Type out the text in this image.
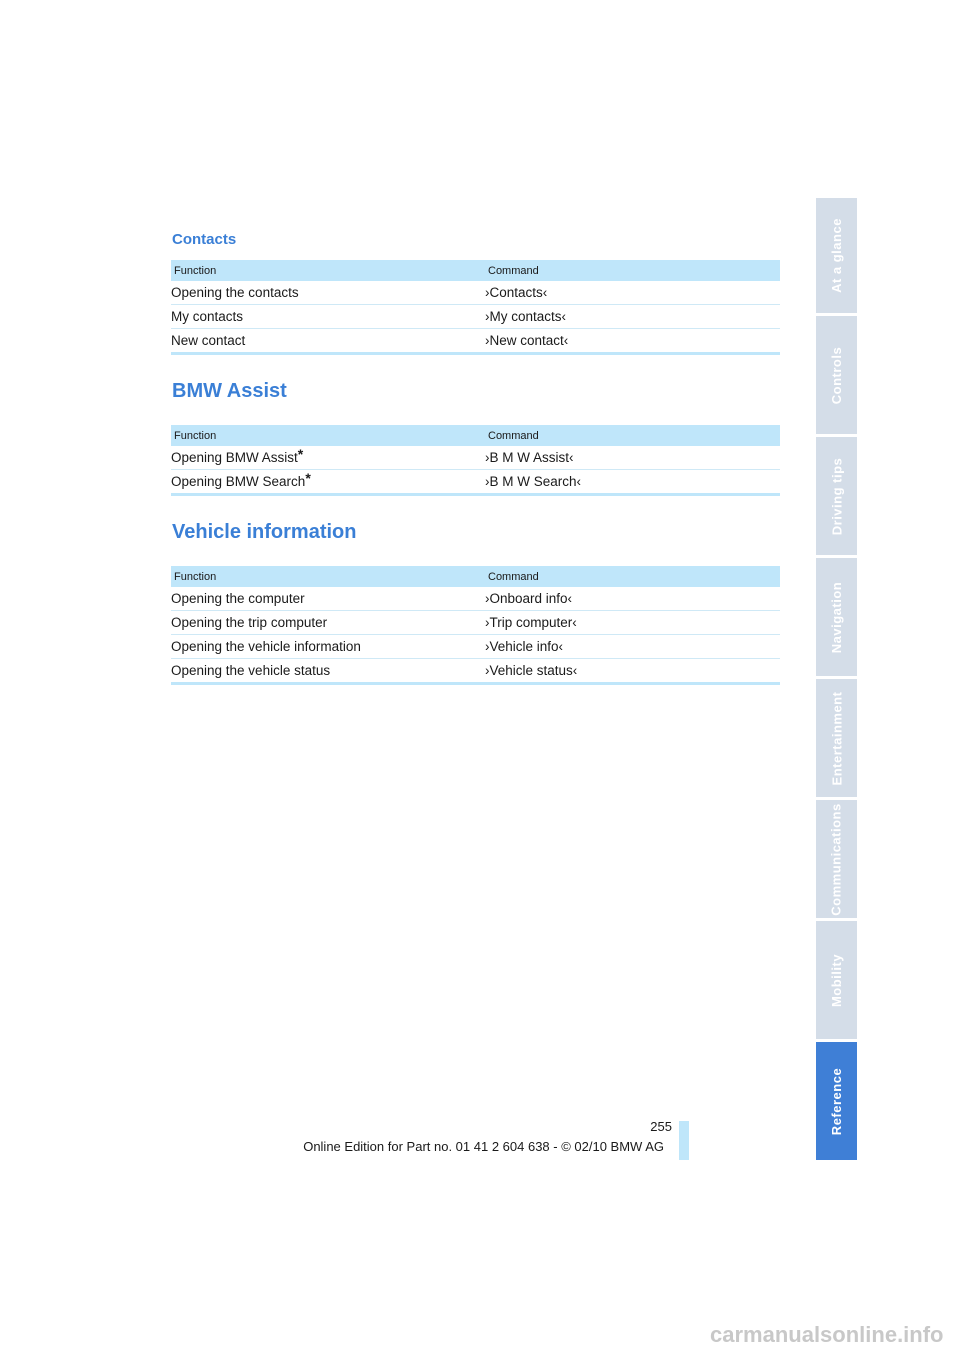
Contacts
Function	Command
Opening the contacts	›Contacts‹
My contacts	›My contacts‹
New contact	›New contact‹
BMW Assist
Function	Command
Opening BMW Assist*	›B M W Assist‹
Opening BMW Search*	›B M W Search‹
Vehicle information
Function	Command
Opening the computer	›Onboard info‹
Opening the trip computer	›Trip computer‹
Opening the vehicle information	›Vehicle info‹
Opening the vehicle status	›Vehicle status‹
At a glance
Controls
Driving tips
Navigation
Entertainment
Communications
Mobility
Reference
255
Online Edition for Part no. 01 41 2 604 638 - © 02/10 BMW AG
carmanualsonline.info
